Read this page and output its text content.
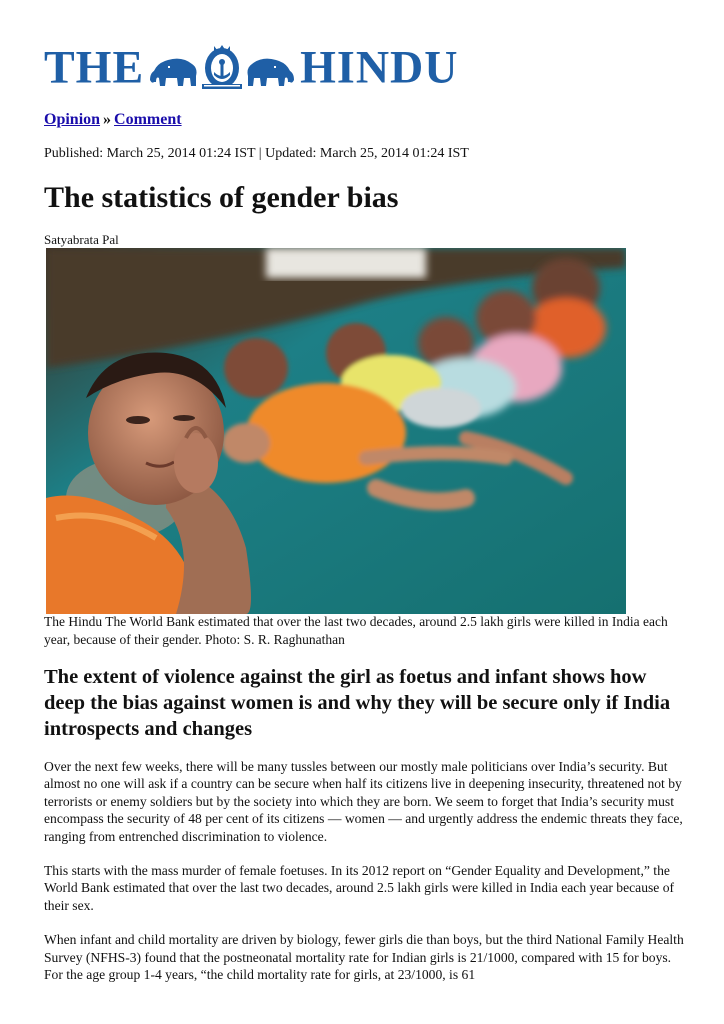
THE	HINDU
Opinion » Comment
Published: March 25, 2014 01:24 IST | Updated: March 25, 2014 01:24 IST
The statistics of gender bias
Satyabrata Pal
The Hindu The World Bank estimated that over the last two decades, around 2.5 lakh girls were killed in India each year, because of their gender. Photo: S. R. Raghunathan
The extent of violence against the girl as foetus and infant shows how deep the bias against women is and why they will be secure only if India introspects and changes

Over the next few weeks, there will be many tussles between our mostly male politicians over India’s security. But almost no one will ask if a country can be secure when half its citizens live in deepening insecurity, threatened not by terrorists or enemy soldiers but by the society into which they are born. We seem to forget that India’s security must encompass the security of 48 per cent of its citizens — women — and urgently address the endemic threats they face, ranging from entrenched discrimination to violence.

This starts with the mass murder of female foetuses. In its 2012 report on “Gender Equality and Development,” the World Bank estimated that over the last two decades, around 2.5 lakh girls were killed in India each year because of their sex.

When infant and child mortality are driven by biology, fewer girls die than boys, but the third National Family Health Survey (NFHS-3) found that the postneonatal mortality rate for Indian girls is 21/1000, compared with 15 for boys. For the age group 1-4 years, “the child mortality rate for girls, at 23/1000, is 61
